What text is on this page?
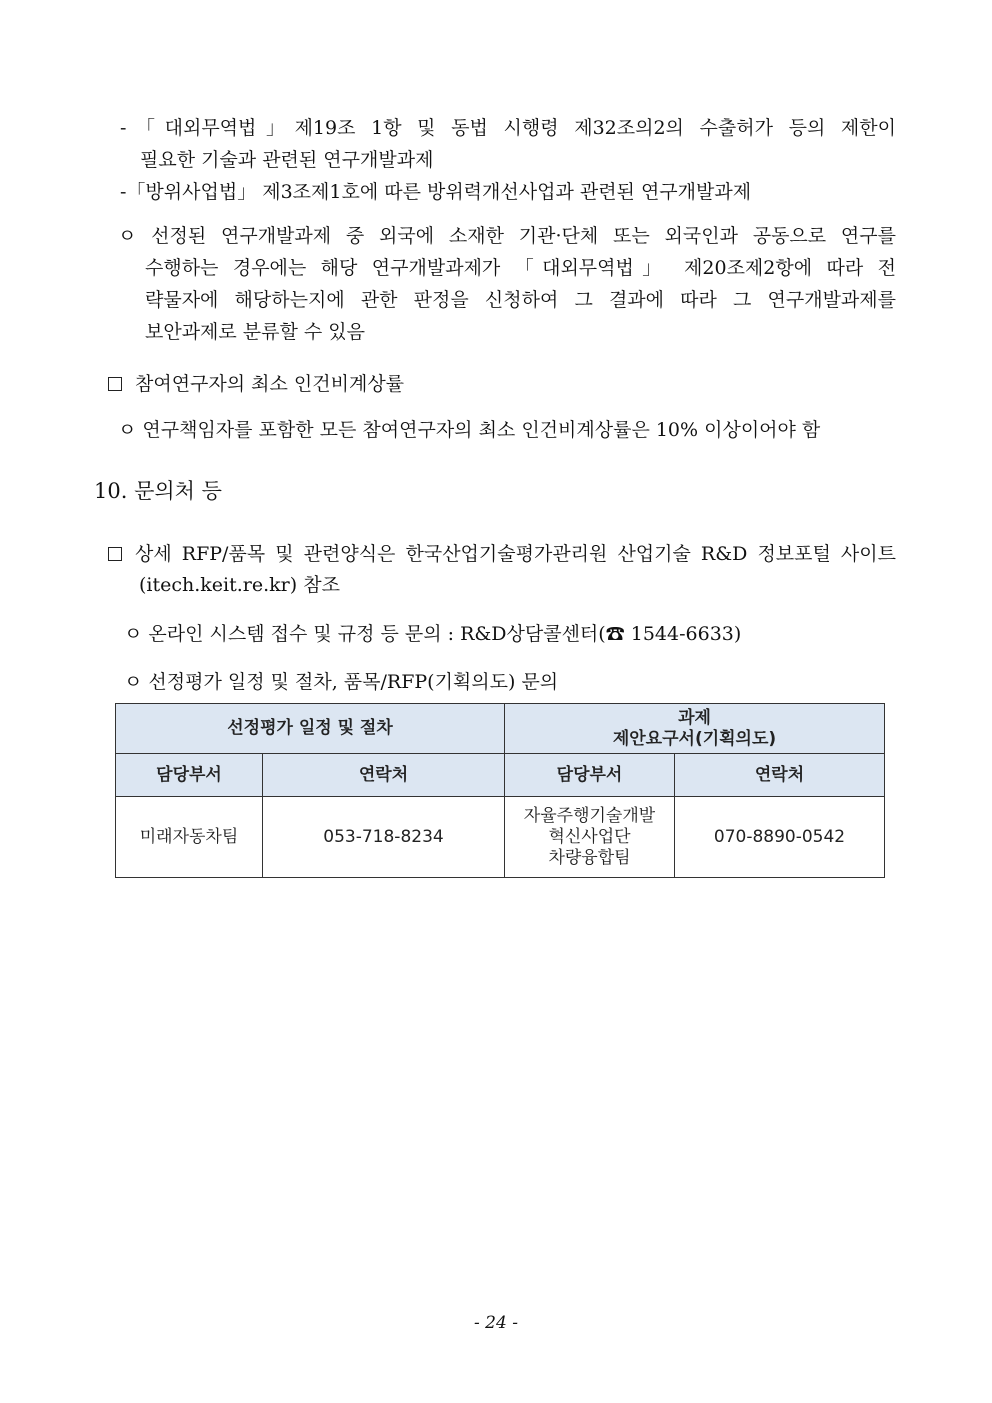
-「대외무역법」제19조 1항 및 동법 시행령 제32조의2의 수출허가 등의 제한이
필요한 기술과 관련된 연구개발과제
-「방위사업법」 제3조제1호에 따른 방위력개선사업과 관련된 연구개발과제
ㅇ 선정된 연구개발과제 중 외국에 소재한 기관·단체 또는 외국인과 공동으로 연구를
수행하는 경우에는 해당 연구개발과제가 「대외무역법」 제20조제2항에 따라 전
략물자에 해당하는지에 관한 판정을 신청하여 그 결과에 따라 그 연구개발과제를
보안과제로 분류할 수 있음
참여연구자의 최소 인건비계상률
ㅇ 연구책임자를 포함한 모든 참여연구자의 최소 인건비계상률은 10% 이상이어야 함
10. 문의처 등
상세 RFP/품목 및 관련양식은 한국산업기술평가관리원 산업기술 R&D 정보포털 사이트
(itech.keit.re.kr) 참조
ㅇ 온라인 시스템 접수 및 규정 등 문의 : R&D상담콜센터(☎ 1544-6633)
ㅇ 선정평가 일정 및 절차, 품목/RFP(기획의도) 문의
선정평가 일정 및 절차		과제
제안요구서(기획의도)	

담당부서	연락처	담당부서	연락처
미래자동차팀	053-718-8234	자율주행기술개발
혁신사업단
차량융합팀	070-8890-0542
- 24 -
